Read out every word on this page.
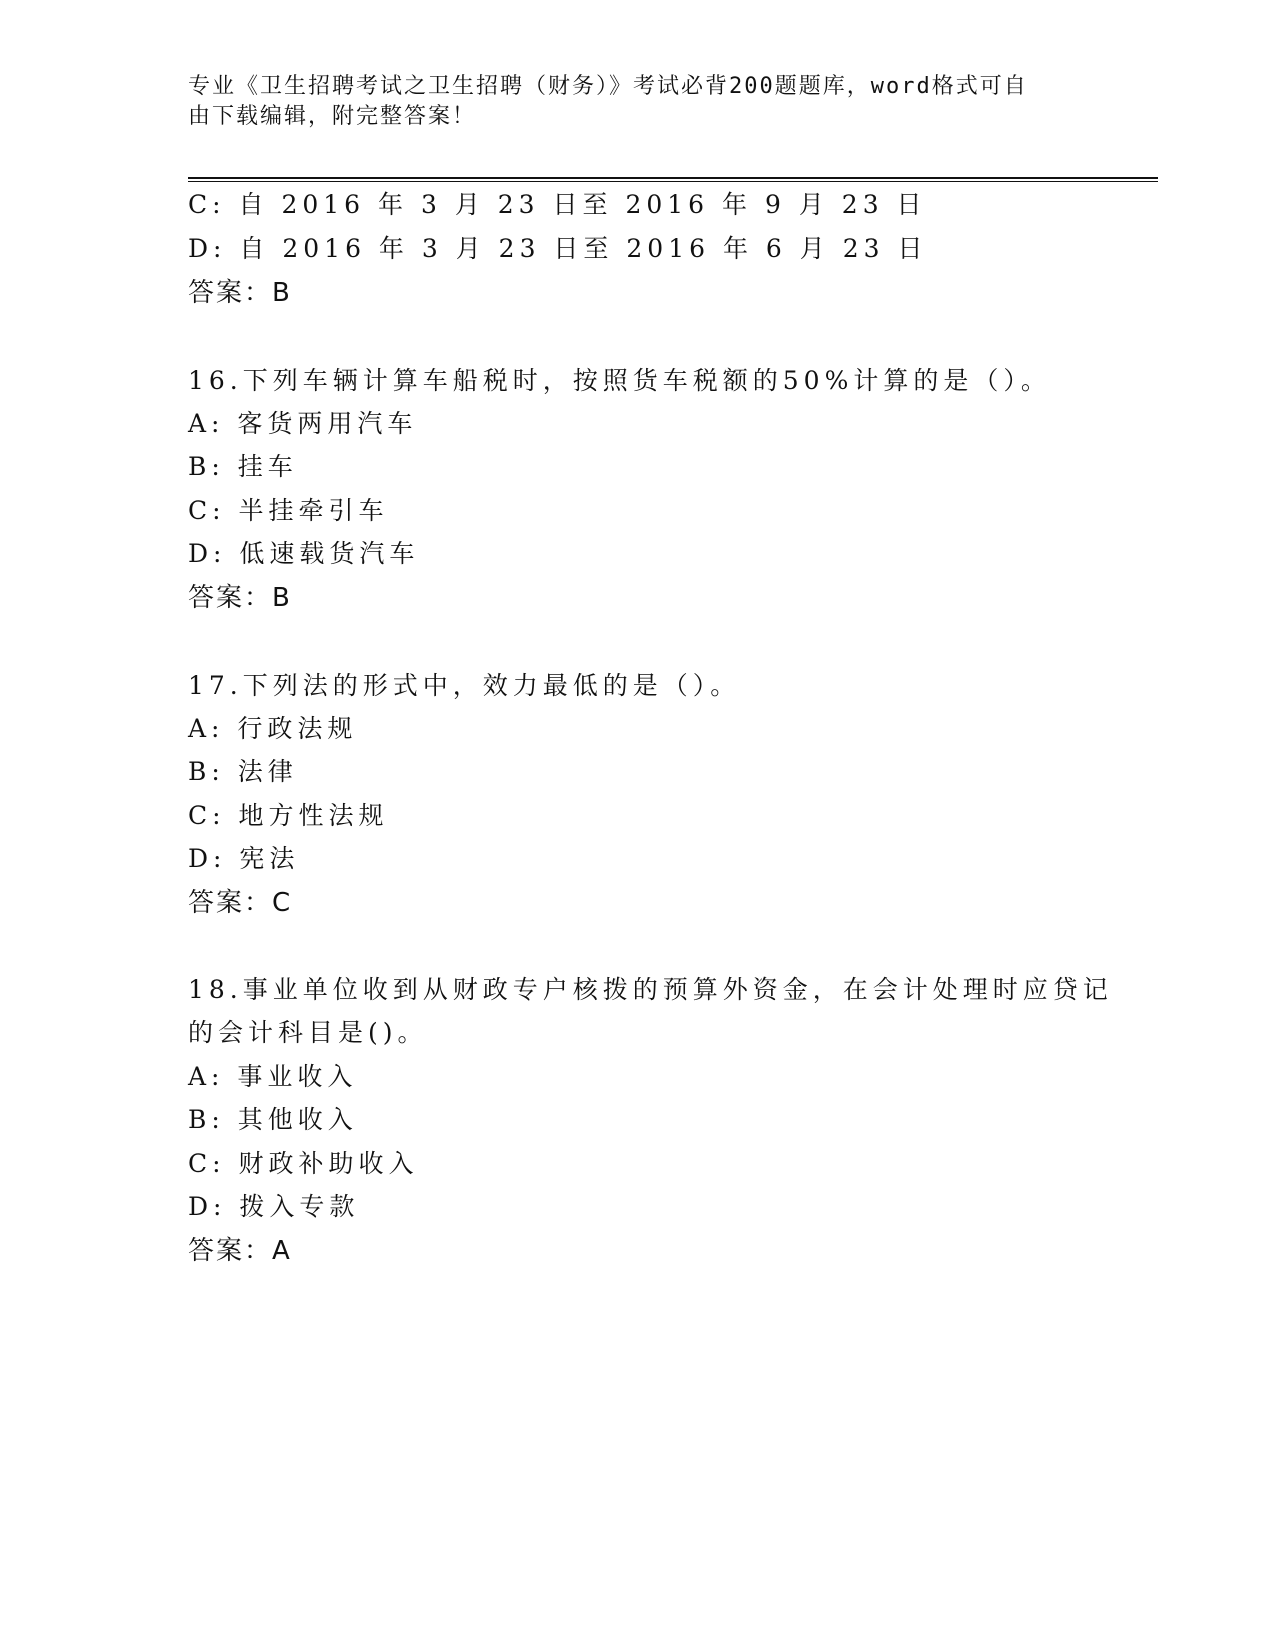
专业《卫生招聘考试之卫生招聘（财务）》考试必背200题题库，word格式可自
由下载编辑，附完整答案！
C: 自 2016 年 3 月 23 日至 2016 年 9 月 23 日
D: 自 2016 年 3 月 23 日至 2016 年 6 月 23 日
答案：B
16.下列车辆计算车船税时，按照货车税额的50%计算的是（）。
A: 客货两用汽车
B: 挂车
C: 半挂牵引车
D: 低速载货汽车
答案：B
17.下列法的形式中，效力最低的是（）。
A: 行政法规
B: 法律
C: 地方性法规
D: 宪法
答案：C
18.事业单位收到从财政专户核拨的预算外资金，在会计处理时应贷记
的会计科目是()。
A: 事业收入
B: 其他收入
C: 财政补助收入
D: 拨入专款
答案：A
